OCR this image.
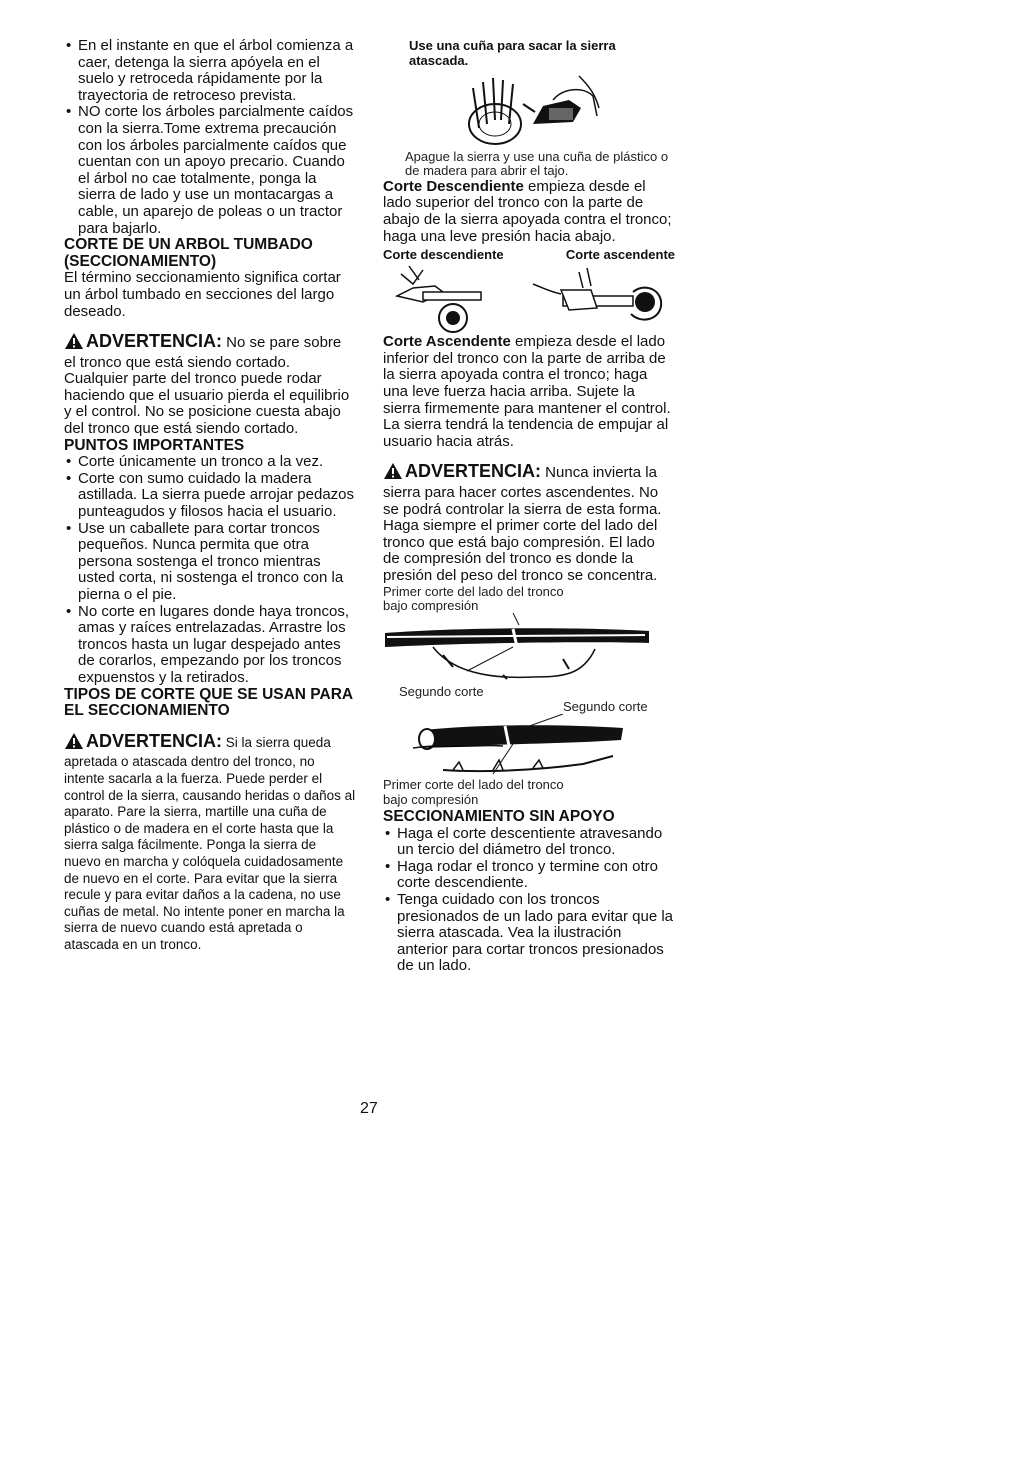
• En el instante en que el árbol comienza a caer, detenga la sierra apóyela en el suelo y retroceda rápidamente por la trayectoria de retroceso prevista.
• NO corte los árboles parcialmente caídos con la sierra.Tome extrema precaución con los árboles parcialmente caídos que cuentan con un apoyo precario. Cuando el árbol no cae totalmente, ponga la sierra de lado y use un montacargas a cable, un aparejo de poleas o un tractor para bajarlo.
CORTE DE UN ARBOL TUMBADO (SECCIONAMIENTO)

El término seccionamiento significa cortar un árbol tumbado en secciones del largo deseado.

ADVERTENCIA: No se pare sobre el tronco que está siendo cortado. Cualquier parte del tronco puede rodar haciendo que el usuario pierda el equilibrio y el control. No se posicione cuesta abajo del tronco que está siendo cortado.

PUNTOS IMPORTANTES
• Corte únicamente un tronco a la vez.
• Corte con sumo cuidado la madera astillada. La sierra puede arrojar pedazos punteagudos y filosos hacia el usuario.
• Use un caballete para cortar troncos pequeños. Nunca permita que otra persona sostenga el tronco mientras usted corta, ni sostenga el tronco con la pierna o el pie.
• No corte en lugares donde haya troncos, amas y raíces entrelazadas. Arrastre los troncos hasta un lugar despejado antes de corarlos, empezando por los troncos expuenstos y la retirados.
TIPOS DE CORTE QUE SE USAN PARA EL SECCIONAMIENTO

ADVERTENCIA: Si la sierra queda apretada o atascada dentro del tronco, no intente sacarla a la fuerza. Puede perder el control de la sierra, causando heridas o daños al aparato. Pare la sierra, martille una cuña de plástico o de madera en el corte hasta que la sierra salga fácilmente. Ponga la sierra de nuevo en marcha y colóquela cuidadosamente de nuevo en el corte. Para evitar que la sierra recule y para evitar daños a la cadena, no use cuñas de metal. No intente poner en marcha la sierra de nuevo cuando está apretada o atascada en un tronco.

Use una cuña para sacar la sierra atascada.

Apague la sierra y use una cuña de plástico o de madera para abrir el tajo.

Corte Descendiente empieza desde el lado superior del tronco con la parte de abajo de la sierra apoyada contra el tronco; haga una leve presión hacia abajo.

Corte descendiente	Corte ascendente

Corte Ascendente empieza desde el lado inferior del tronco con la parte de arriba de la sierra apoyada contra el tronco; haga una leve fuerza hacia arriba. Sujete la sierra firmemente para mantener el control. La sierra tendrá la tendencia de empujar al usuario hacia atrás.

ADVERTENCIA: Nunca invierta la sierra para hacer cortes ascendentes. No se podrá controlar la sierra de esta forma.

Haga siempre el primer corte del lado del tronco que está bajo compresión. El lado de compresión del tronco es donde la presión del peso del tronco se concentra.

Primer corte del lado del tronco bajo compresión

Segundo corte

Segundo corte

Primer corte del lado del tronco bajo compresión

SECCIONAMIENTO SIN APOYO
• Haga el corte descentiente atravesando un tercio del diámetro del tronco.
• Haga rodar el tronco y termine con otro corte descendiente.
• Tenga cuidado con los troncos presionados de un lado para evitar que la sierra atascada. Vea la ilustración anterior para cortar troncos presionados de un lado.
27
